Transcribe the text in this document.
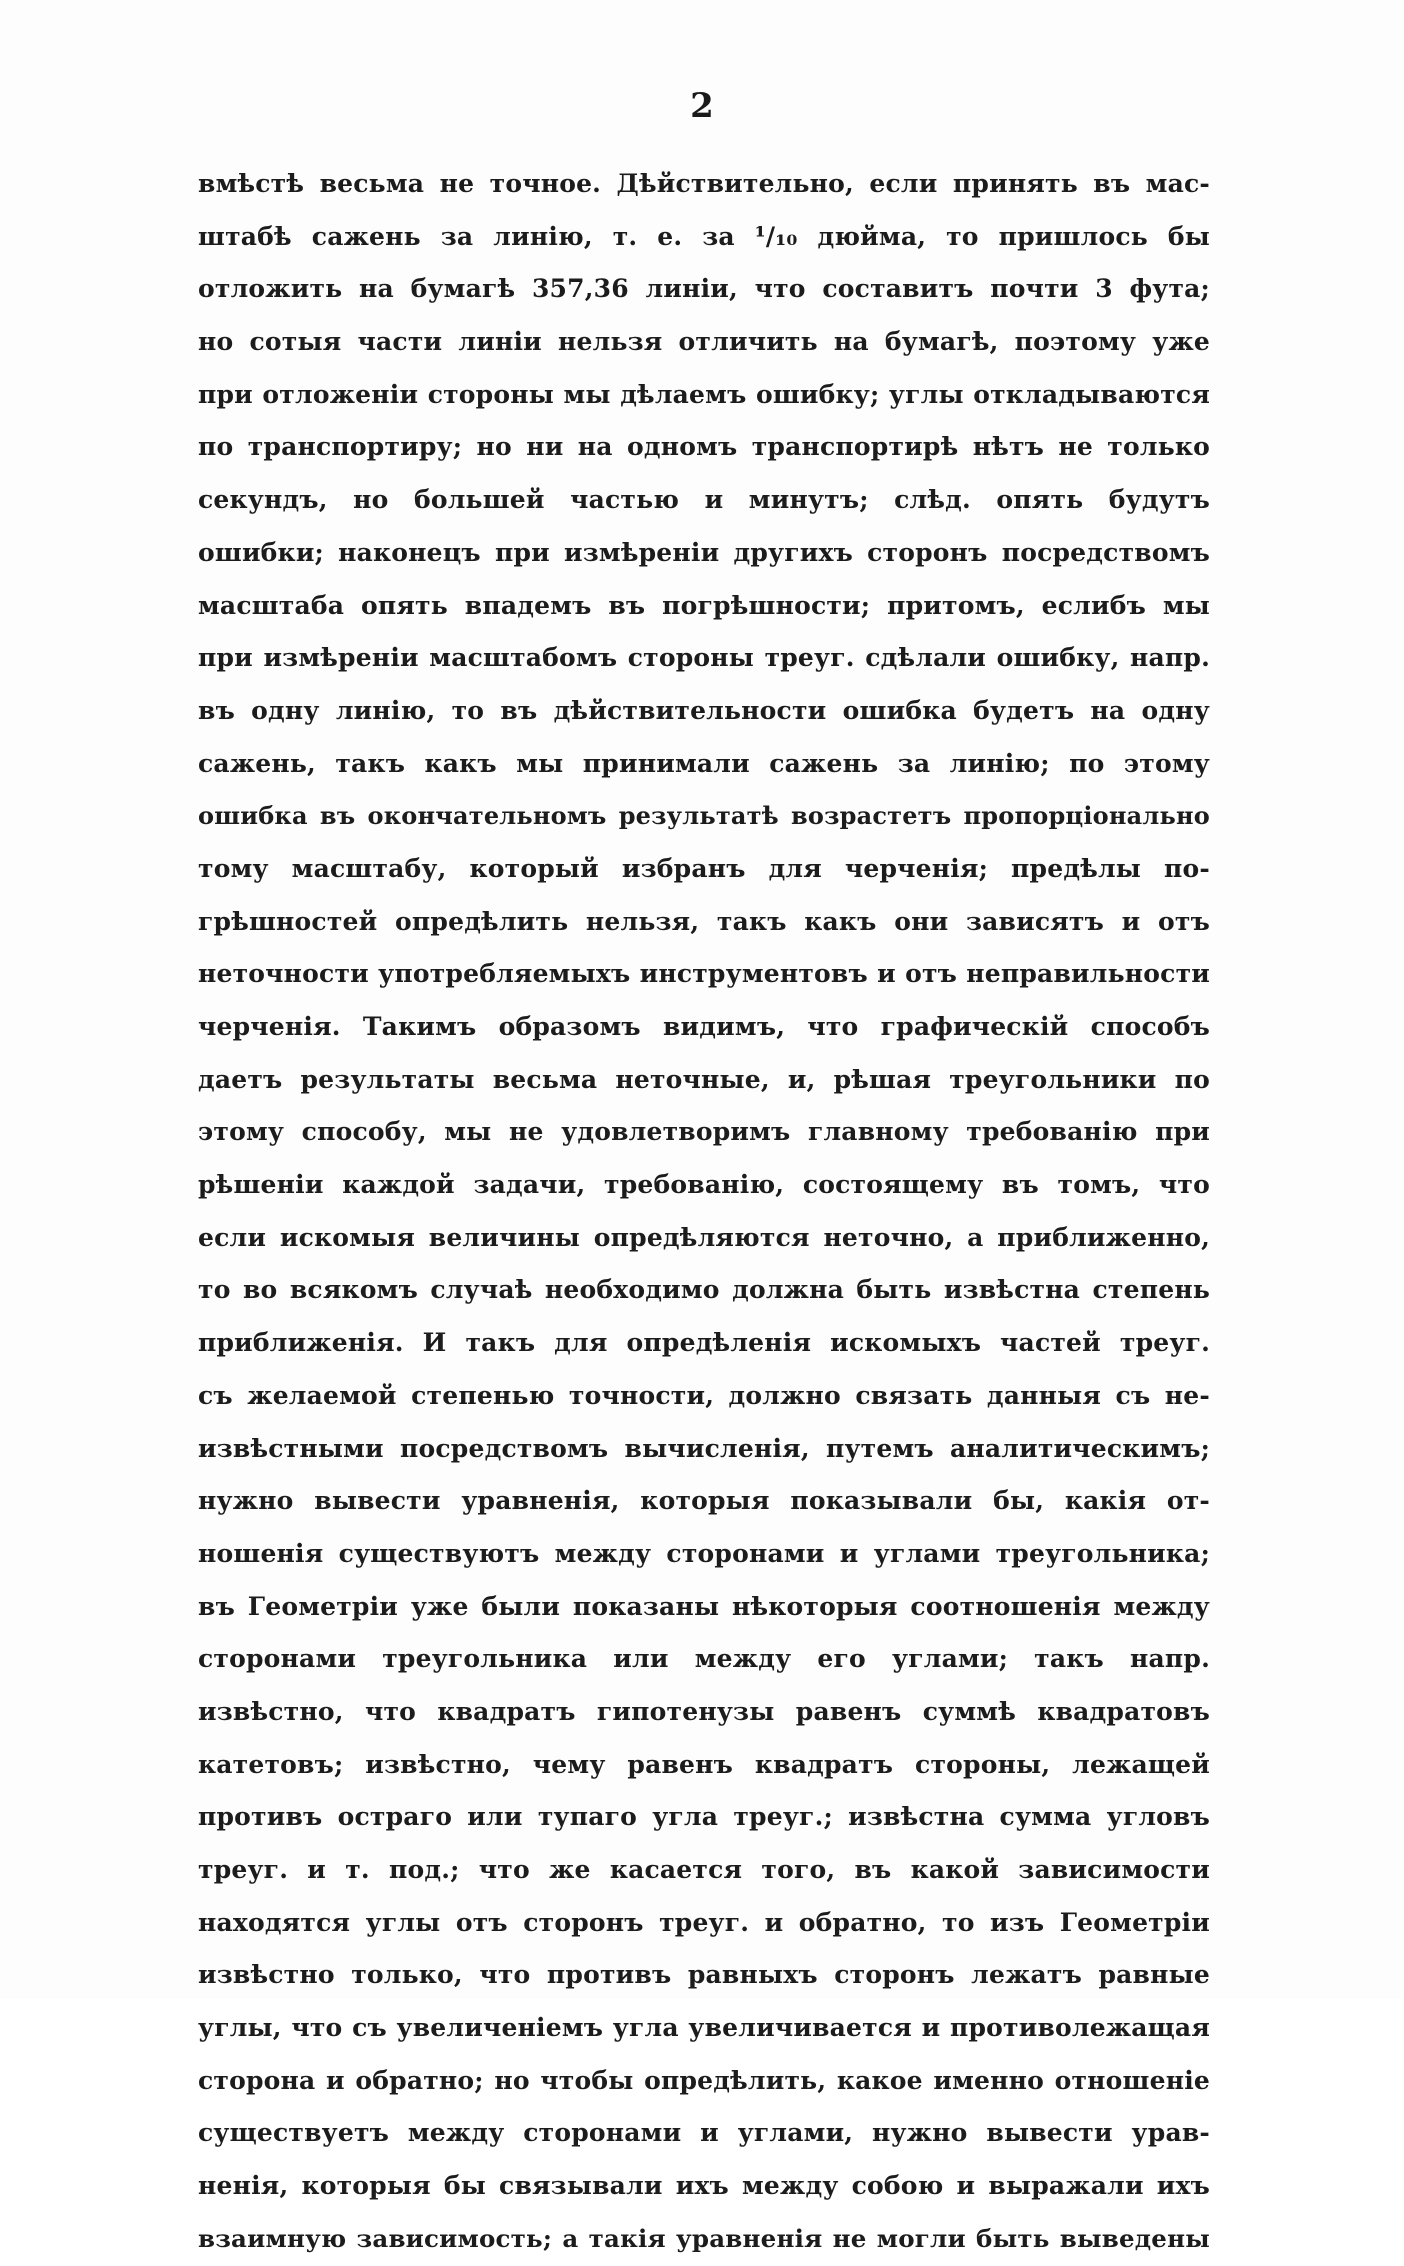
2
вмѣстѣ весьма не точное. Дѣйствительно, если принять въ мас-
штабѣ сажень за линію, т. е. за ¹/₁₀ дюйма, то пришлось бы
отложить на бумагѣ 357,36 линіи, что составитъ почти 3 фута;
но сотыя части линіи нельзя отличить на бумагѣ, поэтому уже
при отложеніи стороны мы дѣлаемъ ошибку; углы откладываются
по транспортиру; но ни на одномъ транспортирѣ нѣтъ не только
секундъ, но большей частью и минутъ; слѣд. опять будутъ
ошибки; наконецъ при измѣреніи другихъ сторонъ посредствомъ
масштаба опять впадемъ въ погрѣшности; притомъ, еслибъ мы
при измѣреніи масштабомъ стороны треуг. сдѣлали ошибку, напр.
въ одну линію, то въ дѣйствительности ошибка будетъ на одну
сажень, такъ какъ мы принимали сажень за линію; по этому
ошибка въ окончательномъ результатѣ возрастетъ пропорціонально
тому масштабу, который избранъ для черченія; предѣлы по-
грѣшностей опредѣлить нельзя, такъ какъ они зависятъ и отъ
неточности употребляемыхъ инструментовъ и отъ неправильности
черченія. Такимъ образомъ видимъ, что графическій способъ
даетъ результаты весьма неточные, и, рѣшая треугольники по
этому способу, мы не удовлетворимъ главному требованію при
рѣшеніи каждой задачи, требованію, состоящему въ томъ, что
если искомыя величины опредѣляются неточно, а приближенно,
то во всякомъ случаѣ необходимо должна быть извѣстна степень
приближенія. И такъ для опредѣленія искомыхъ частей треуг.
съ желаемой степенью точности, должно связать данныя съ не-
извѣстными посредствомъ вычисленія, путемъ аналитическимъ;
нужно вывести уравненія, которыя показывали бы, какія от-
ношенія существуютъ между сторонами и углами треугольника;
въ Геометріи уже были показаны нѣкоторыя соотношенія между
сторонами треугольника или между его углами; такъ напр.
извѣстно, что квадратъ гипотенузы равенъ суммѣ квадратовъ
катетовъ; извѣстно, чему равенъ квадратъ стороны, лежащей
противъ остраго или тупаго угла треуг.; извѣстна сумма угловъ
треуг. и т. под.; что же касается того, въ какой зависимости
находятся углы отъ сторонъ треуг. и обратно, то изъ Геометріи
извѣстно только, что противъ равныхъ сторонъ лежатъ равные
углы, что съ увеличеніемъ угла увеличивается и противолежащая
сторона и обратно; но чтобы опредѣлить, какое именно отношеніе
существуетъ между сторонами и углами, нужно вывести урав-
ненія, которыя бы связывали ихъ между собою и выражали ихъ
взаимную зависимость; а такія уравненія не могли быть выведены
